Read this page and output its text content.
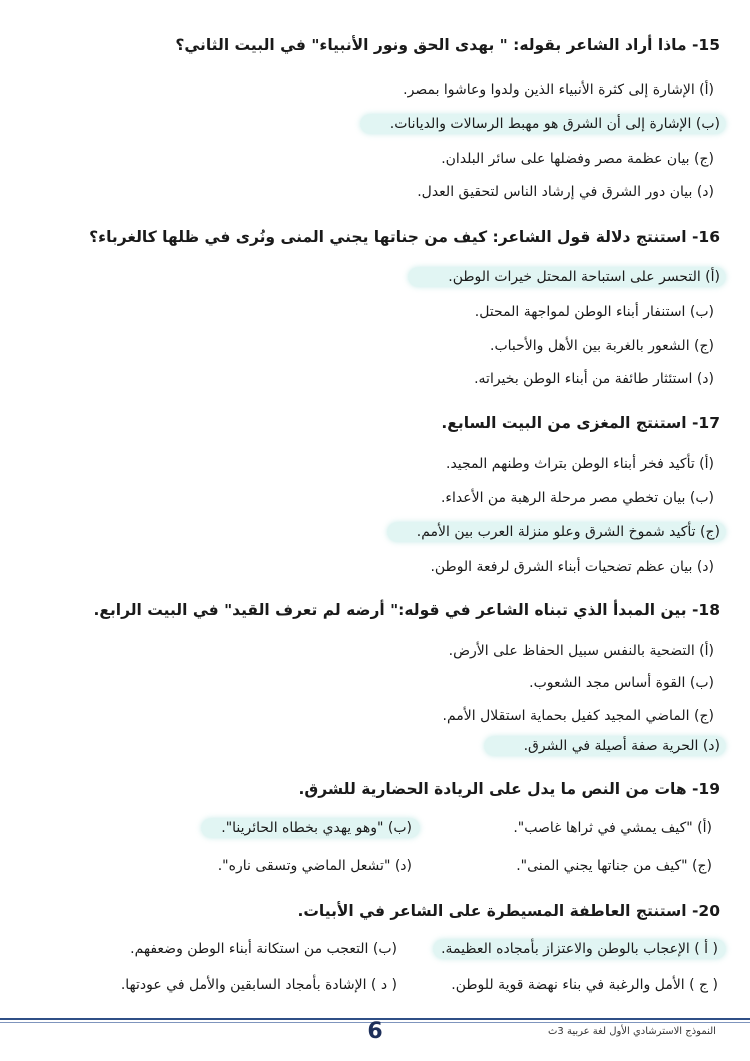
15- ماذا أراد الشاعر بقوله: " بهدى الحق ونور الأنبياء" في البيت الثاني؟
(أ) الإشارة إلى كثرة الأنبياء الذين ولدوا وعاشوا بمصر.
(ب) الإشارة إلى أن الشرق هو مهبط الرسالات والديانات.
(ج) بيان عظمة مصر وفضلها على سائر البلدان.
(د) بيان دور الشرق في إرشاد الناس لتحقيق العدل.
16- استنتج دلالة قول الشاعر: كيف من جناتها يجني المنى ونُرى في ظلها كالغرباء؟
(أ) التحسر على استباحة المحتل خيرات الوطن.
(ب) استنفار أبناء الوطن لمواجهة المحتل.
(ج) الشعور بالغربة بين الأهل والأحباب.
(د) استئثار طائفة من أبناء الوطن بخيراته.
17- استنتج المغزى من البيت السابع.
(أ) تأكيد فخر أبناء الوطن بتراث وطنهم المجيد.
(ب) بيان تخطي مصر مرحلة الرهبة من الأعداء.
(ج) تأكيد شموخ الشرق وعلو منزلة العرب بين الأمم.
(د) بيان عظم تضحيات أبناء الشرق لرفعة الوطن.
18- بين المبدأ الذي تبناه الشاعر في قوله:" أرضه لم تعرف القيد" في البيت الرابع.
(أ) التضحية بالنفس سبيل الحفاظ على الأرض.
(ب) القوة أساس مجد الشعوب.
(ج) الماضي المجيد كفيل بحماية استقلال الأمم.
(د) الحرية صفة أصيلة في الشرق.
19- هات من النص ما يدل على الريادة الحضارية للشرق.
(أ) "كيف يمشي في ثراها غاصب".
(ب) "وهو يهدي بخطاه الحائرينا".
(ج) "كيف من جناتها يجني المنى".
(د) "تشعل الماضي وتسقى ناره".
20- استنتج العاطفة المسيطرة على الشاعر في الأبيات.
( أ ) الإعجاب بالوطن والاعتزاز بأمجاده العظيمة.
(ب) التعجب من استكانة أبناء الوطن وضعفهم.
( ج ) الأمل والرغبة في بناء نهضة قوية للوطن.
( د ) الإشادة بأمجاد السابقين والأمل في عودتها.
6	النموذج الاسترشادي الأول لغة عربية 3ث
